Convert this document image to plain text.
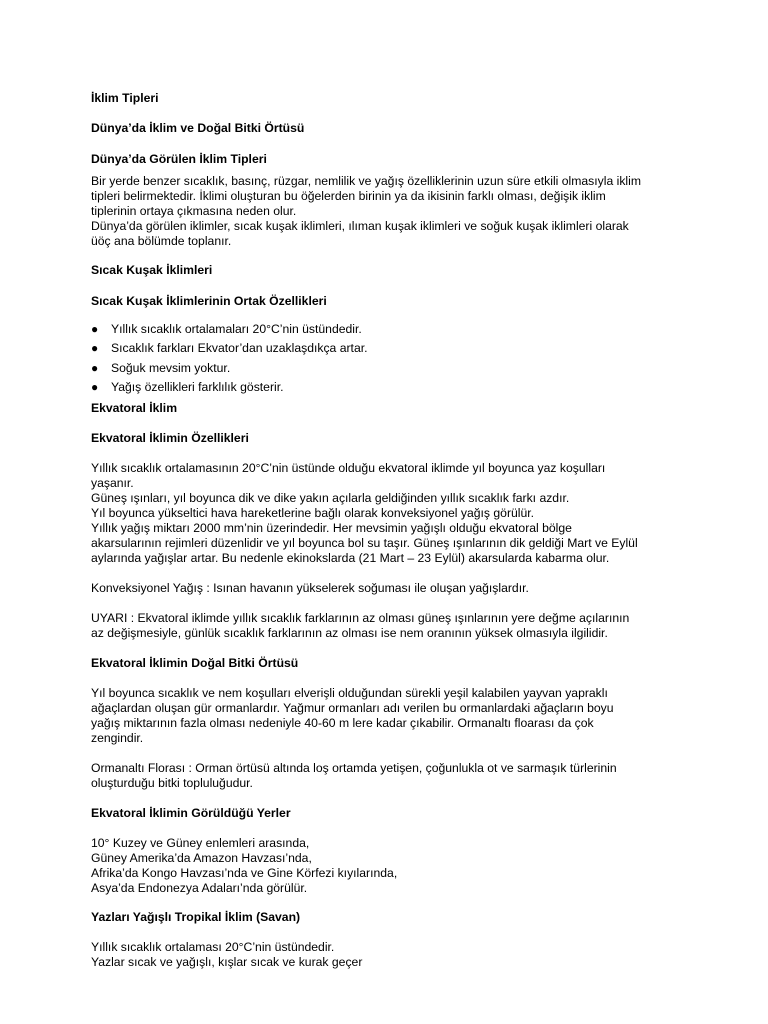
İklim Tipleri
Dünya’da İklim ve Doğal Bitki Örtüsü
Dünya’da Görülen İklim Tipleri
Bir yerde benzer sıcaklık, basınç, rüzgar, nemlilik ve yağış özelliklerinin uzun süre etkili olmasıyla iklim
tipleri belirmektedir. İklimi oluşturan bu öğelerden birinin ya da ikisinin farklı olması, değişik iklim
tiplerinin ortaya çıkmasına neden olur.
Dünya’da görülen iklimler, sıcak kuşak iklimleri, ılıman kuşak iklimleri ve soğuk kuşak iklimleri olarak
üöç ana bölümde toplanır.
Sıcak Kuşak İklimleri
Sıcak Kuşak İklimlerinin Ortak Özellikleri
● Yıllık sıcaklık ortalamaları 20°C’nin üstündedir.
● Sıcaklık farkları Ekvator’dan uzaklaşdıkça artar.
● Soğuk mevsim yoktur.
● Yağış özellikleri farklılık gösterir.
Ekvatoral İklim
Ekvatoral İklimin Özellikleri
Yıllık sıcaklık ortalamasının 20°C’nin üstünde olduğu ekvatoral iklimde yıl boyunca yaz koşulları
yaşanır.
Güneş ışınları, yıl boyunca dik ve dike yakın açılarla geldiğinden yıllık sıcaklık farkı azdır.
Yıl boyunca yükseltici hava hareketlerine bağlı olarak konveksiyonel yağış görülür.
Yıllık yağış miktarı 2000 mm’nin üzerindedir. Her mevsimin yağışlı olduğu ekvatoral bölge
akarsularının rejimleri düzenlidir ve yıl boyunca bol su taşır. Güneş ışınlarının dik geldiği Mart ve Eylül
aylarında yağışlar artar. Bu nedenle ekinokslarda (21 Mart – 23 Eylül) akarsularda kabarma olur.
Konveksiyonel Yağış : Isınan havanın yükselerek soğuması ile oluşan yağışlardır.
UYARI : Ekvatoral iklimde yıllık sıcaklık farklarının az olması güneş ışınlarının yere değme açılarının
az değişmesiyle, günlük sıcaklık farklarının az olması ise nem oranının yüksek olmasıyla ilgilidir.
Ekvatoral İklimin Doğal Bitki Örtüsü
Yıl boyunca sıcaklık ve nem koşulları elverişli olduğundan sürekli yeşil kalabilen yayvan yapraklı
ağaçlardan oluşan gür ormanlardır. Yağmur ormanları adı verilen bu ormanlardaki ağaçların boyu
yağış miktarının fazla olması nedeniyle 40-60 m lere kadar çıkabilir. Ormanaltı floarası da çok
zengindir.
Ormanaltı Florası : Orman örtüsü altında loş ortamda yetişen, çoğunlukla ot ve sarmaşık türlerinin
oluşturduğu bitki topluluğudur.
Ekvatoral İklimin Görüldüğü Yerler
10° Kuzey ve Güney enlemleri arasında,
Güney Amerika’da Amazon Havzası’nda,
Afrika’da Kongo Havzası’nda ve Gine Körfezi kıyılarında,
Asya’da Endonezya Adaları’nda görülür.
Yazları Yağışlı Tropikal İklim (Savan)
Yıllık sıcaklık ortalaması 20°C’nin üstündedir.
Yazlar sıcak ve yağışlı, kışlar sıcak ve kurak geçer
